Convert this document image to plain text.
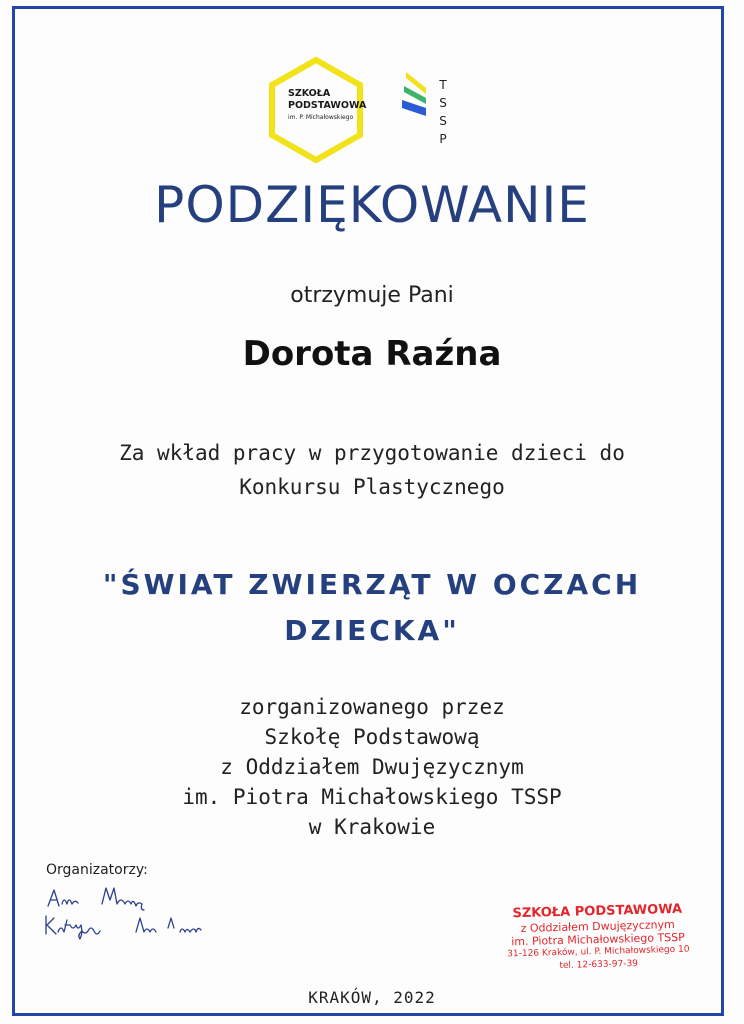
SZKOŁA
PODSTAWOWA
im. P. Michałowskiego
T
S
S
P
PODZIĘKOWANIE
otrzymuje Pani
Dorota Raźna
Za wkład pracy w przygotowanie dzieci do
Konkursu Plastycznego
"ŚWIAT ZWIERZĄT W OCZACH
DZIECKA"
zorganizowanego przez
Szkołę Podstawową
z Oddziałem Dwujęzycznym
im. Piotra Michałowskiego TSSP
w Krakowie
Organizatorzy:
SZKOŁA PODSTAWOWA
z Oddziałem Dwujęzycznym
im. Piotra Michałowskiego TSSP
31-126 Kraków, ul. P. Michałowskiego 10
tel. 12-633-97-39
KRAKÓW, 2022
